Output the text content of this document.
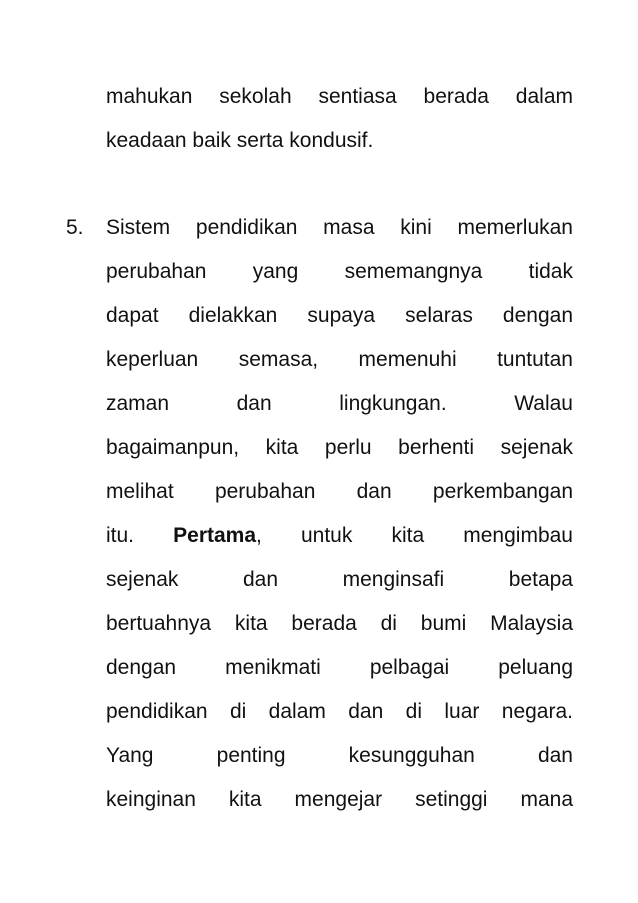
mahukan sekolah sentiasa berada dalam
keadaan baik serta kondusif.
5. Sistem pendidikan masa kini memerlukan
perubahan yang sememangnya tidak
dapat dielakkan supaya selaras dengan
keperluan semasa, memenuhi tuntutan
zaman dan lingkungan. Walau
bagaimanpun, kita perlu berhenti sejenak
melihat perubahan dan perkembangan
itu. Pertama, untuk kita mengimbau
sejenak dan menginsafi betapa
bertuahnya kita berada di bumi Malaysia
dengan menikmati pelbagai peluang
pendidikan di dalam dan di luar negara.
Yang penting kesungguhan dan
keinginan kita mengejar setinggi mana
